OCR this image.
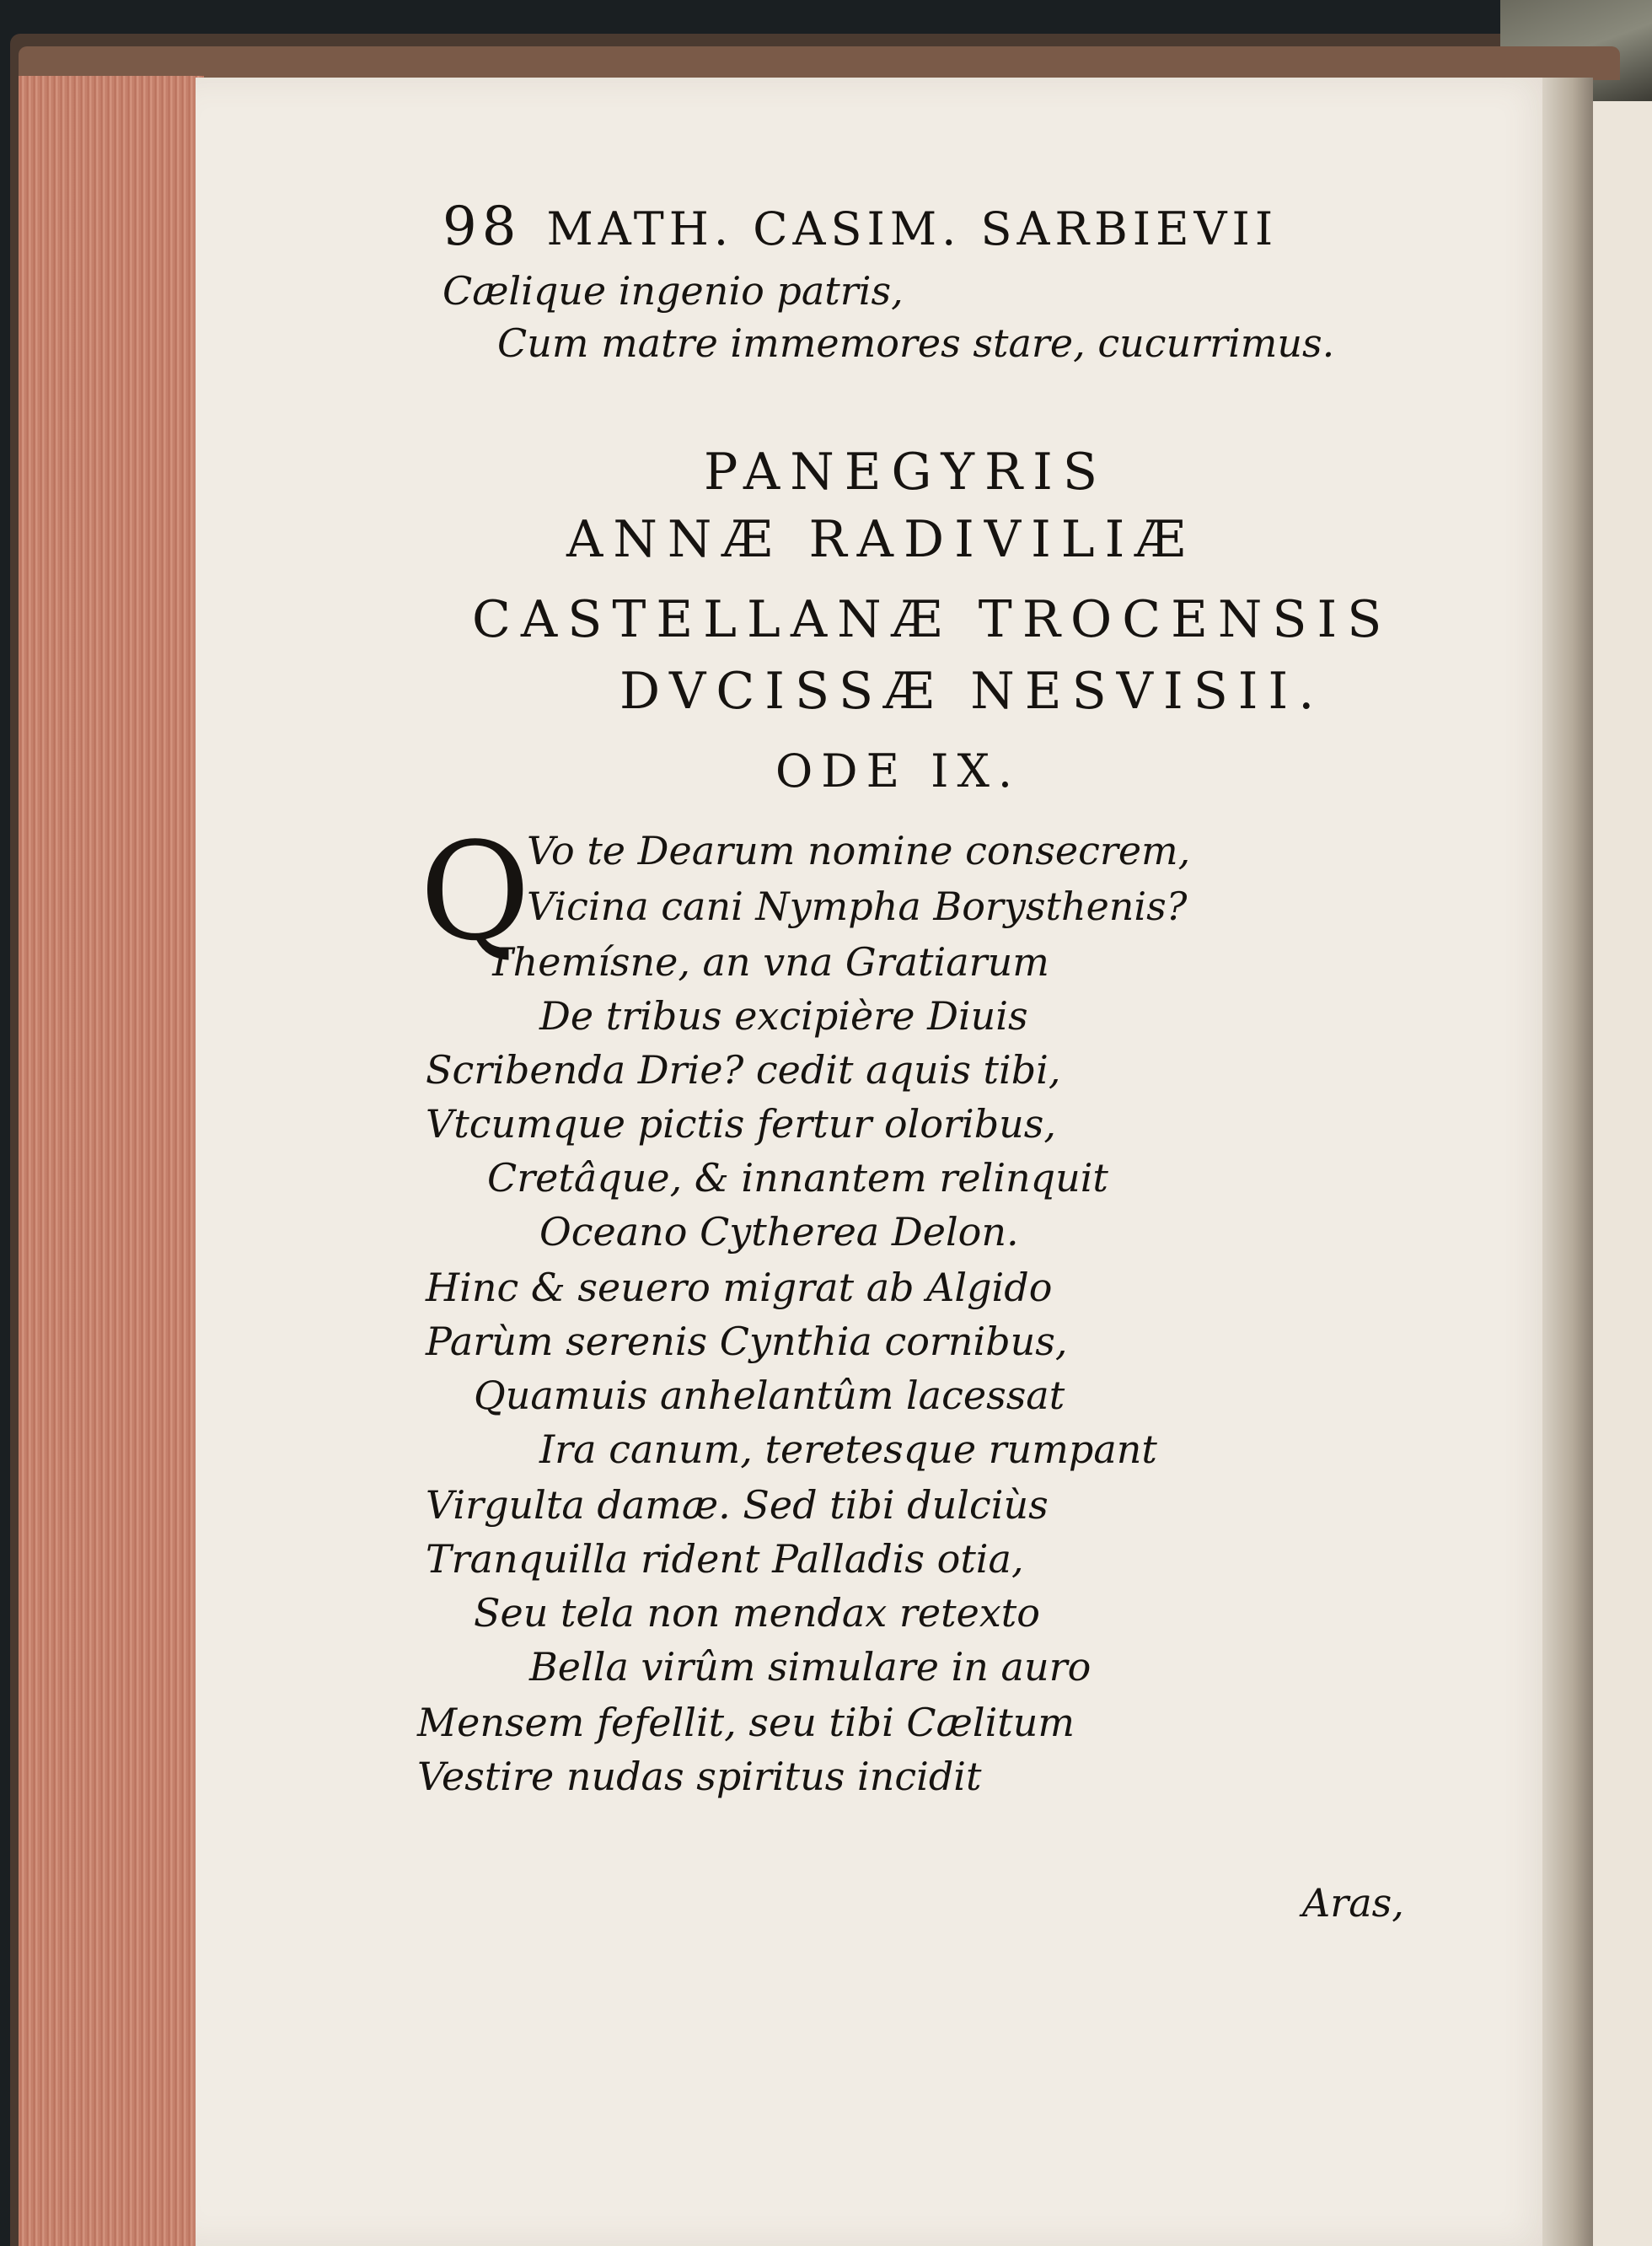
98 MATH. CASIM. SARBIEVII
Cælique ingenio patris,
Cum matre immemores stare, cucurrimus.
PANEGYRIS
ANNÆ RADIVILIÆ
CASTELLANÆ TROCENSIS
DVCISSÆ NESVISII.
ODE IX.
Q
Vo te Dearum nomine consecrem,
Vicina cani Nympha Borysthenis?
Themísne, an vna Gratiarum
De tribus excipière Diuis
Scribenda Drie? cedit aquis tibi,
Vtcumque pictis fertur oloribus,
Cretâque, & innantem relinquit
Oceano Cytherea Delon.
Hinc & seuero migrat ab Algido
Parùm serenis Cynthia cornibus,
Quamuis anhelantûm lacessat
Ira canum, teretesque rumpant
Virgulta damæ. Sed tibi dulciùs
Tranquilla rident Palladis otia,
Seu tela non mendax retexto
Bella virûm simulare in auro
Mensem fefellit, seu tibi Cælitum
Vestire nudas spiritus incidit
Aras,
